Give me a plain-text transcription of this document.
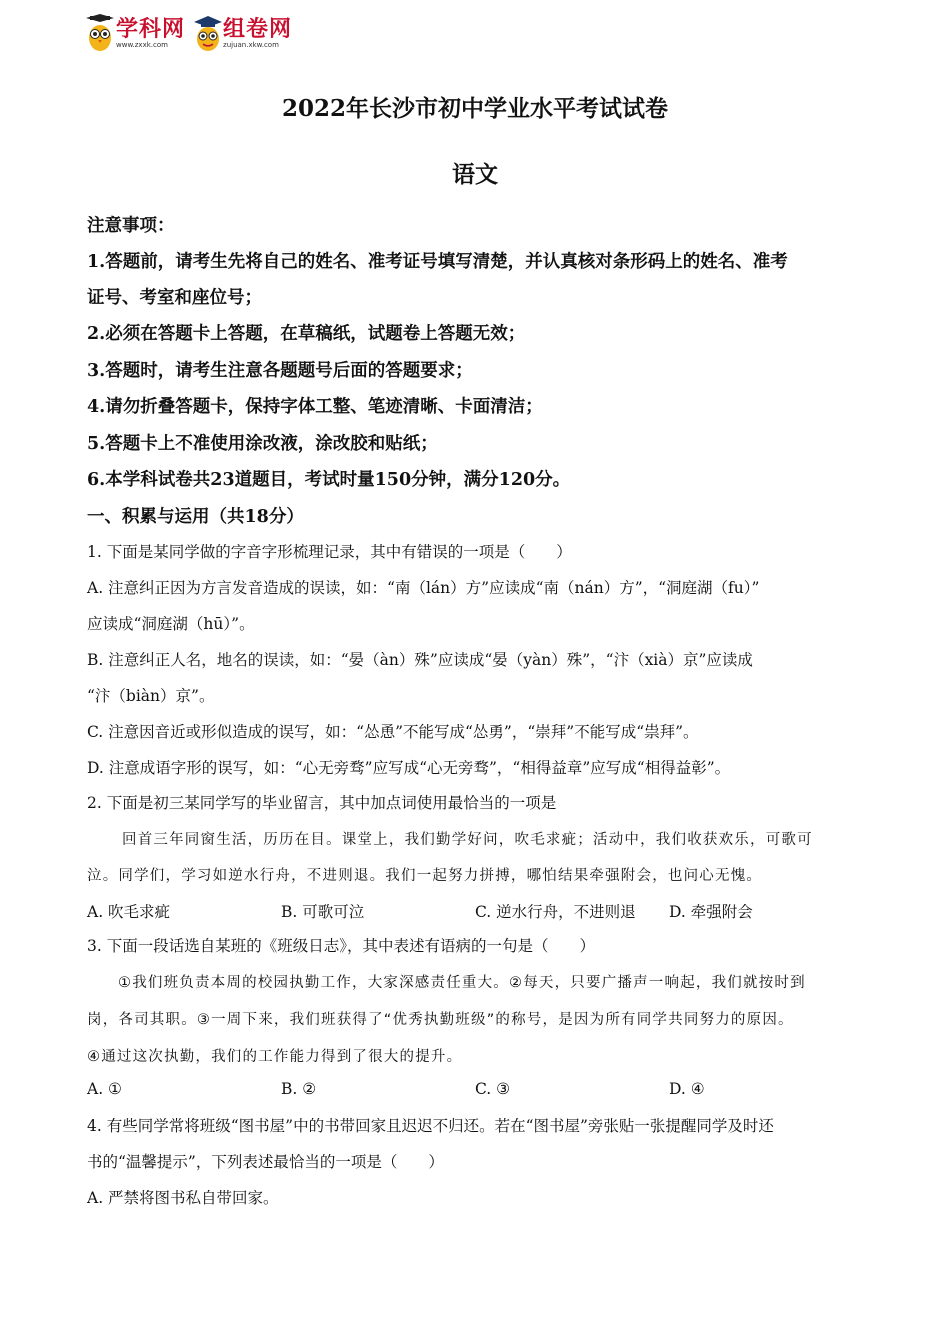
学科网
www.zxxk.com
组卷网
zujuan.xkw.com
2022年长沙市初中学业水平考试试卷
语文
注意事项：
1.答题前，请考生先将自己的姓名、准考证号填写清楚，并认真核对条形码上的姓名、准考
证号、考室和座位号；
2.必须在答题卡上答题，在草稿纸，试题卷上答题无效；
3.答题时，请考生注意各题题号后面的答题要求；
4.请勿折叠答题卡，保持字体工整、笔迹清晰、卡面清洁；
5.答题卡上不准使用涂改液，涂改胶和贴纸；
6.本学科试卷共23道题目，考试时量150分钟，满分120分。
一、积累与运用（共18分）
1. 下面是某同学做的字音字形梳理记录，其中有错误的一项是（　　）
A. 注意纠正因为方言发音造成的误读，如：“南（lán）方”应读成“南（nán）方”，“洞庭湖（fu）”
应读成“洞庭湖（hū）”。
B. 注意纠正人名，地名的误读，如：“晏（àn）殊”应读成“晏（yàn）殊”，“汴（xià）京”应读成
“汴（biàn）京”。
C. 注意因音近或形似造成的误写，如：“怂恿”不能写成“怂勇”，“崇拜”不能写成“祟拜”。
D. 注意成语字形的误写，如：“心无旁骛”应写成“心无旁骛”，“相得益章”应写成“相得益彰”。
2. 下面是初三某同学写的毕业留言，其中加点词使用最恰当的一项是
回首三年同窗生活，历历在目。课堂上，我们勤学好问，吹毛求疵；活动中，我们收获欢乐，可歌可
泣。同学们，学习如逆水行舟，不进则退。我们一起努力拼搏，哪怕结果牵强附会，也问心无愧。
A. 吹毛求疵	B. 可歌可泣	C. 逆水行舟，不进则退	D. 牵强附会
3. 下面一段话选自某班的《班级日志》，其中表述有语病的一句是（　　）
①我们班负责本周的校园执勤工作，大家深感责任重大。②每天，只要广播声一响起，我们就按时到
岗，各司其职。③一周下来，我们班获得了“优秀执勤班级”的称号，是因为所有同学共同努力的原因。
④通过这次执勤，我们的工作能力得到了很大的提升。
A. ①	B. ②	C. ③	D. ④
4. 有些同学常将班级“图书屋”中的书带回家且迟迟不归还。若在“图书屋”旁张贴一张提醒同学及时还
书的“温馨提示”，下列表述最恰当的一项是（　　）
A. 严禁将图书私自带回家。
